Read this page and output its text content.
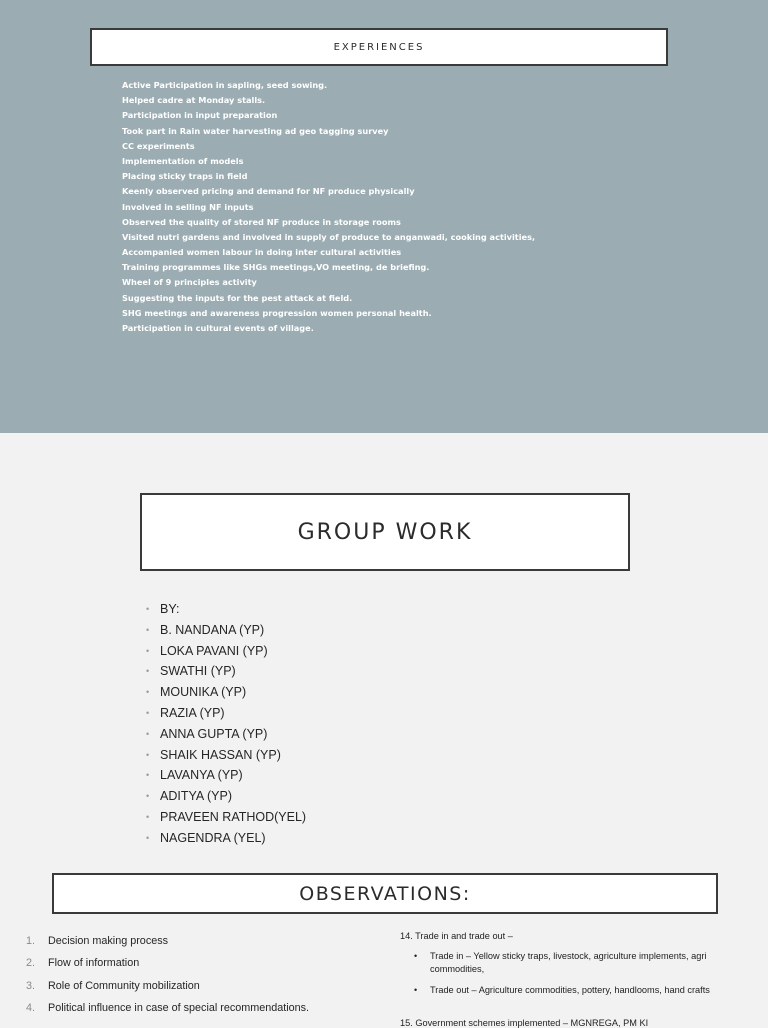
EXPERIENCES
Active Participation in sapling, seed sowing.
Helped cadre at Monday stalls.
Participation in input preparation
Took part in Rain water harvesting ad geo tagging survey
CC experiments
Implementation of models
Placing sticky traps in field
Keenly observed pricing and demand for NF produce physically
Involved in selling NF inputs
Observed the quality of stored NF produce in storage rooms
Visited nutri gardens and involved in supply of produce to anganwadi, cooking activities,
Accompanied women labour in doing inter cultural activities
Training programmes like SHGs meetings,VO meeting, de briefing.
Wheel of 9 principles activity
Suggesting the inputs for the pest attack at field.
SHG meetings and awareness progression women personal health.
Participation in cultural events of village.
GROUP WORK
• BY:
• B. NANDANA (YP)
• LOKA PAVANI (YP)
• SWATHI (YP)
• MOUNIKA (YP)
• RAZIA (YP)
• ANNA GUPTA (YP)
• SHAIK HASSAN (YP)
• LAVANYA (YP)
• ADITYA (YP)
• PRAVEEN RATHOD(YEL)
• NAGENDRA (YEL)
OBSERVATIONS:
1.	Decision making process
2.	Flow of information
3.	Role of Community mobilization
4.	Political influence in case of special recommendations.
14. Trade in and trade out –
• Trade in – Yellow sticky traps, livestock, agriculture implements, agri commodities,
• Trade out – Agriculture commodities, pottery, handlooms, hand crafts
15. Government schemes implemented – MGNREGA, PM KI
